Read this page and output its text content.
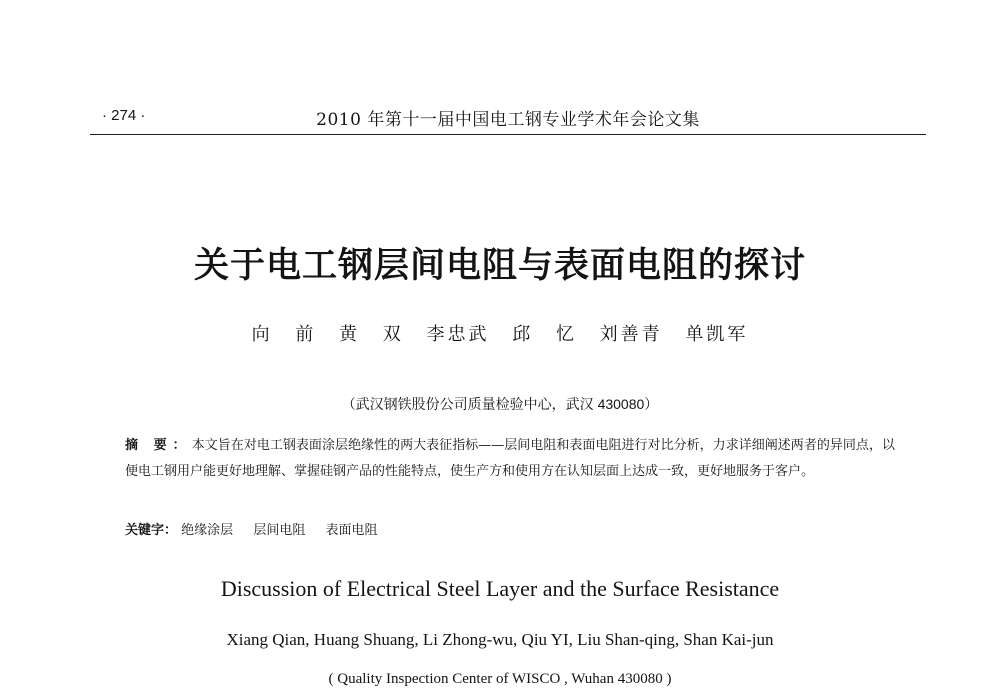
· 274 ·	2010 年第十一届中国电工钢专业学术年会论文集
关于电工钢层间电阻与表面电阻的探讨
向 前 黄 双 李忠武 邱 忆 刘善青 单凯军
（武汉钢铁股份公司质量检验中心，武汉 430080）
摘 要：本文旨在对电工钢表面涂层绝缘性的两大表征指标——层间电阻和表面电阻进行对比分析，力求详细阐述两者的异同点，以便电工钢用户能更好地理解、掌握硅钢产品的性能特点，使生产方和使用方在认知层面上达成一致，更好地服务于客户。
关键字： 绝缘涂层 层间电阻 表面电阻
Discussion of Electrical Steel Layer and the Surface Resistance
Xiang Qian, Huang Shuang, Li Zhong-wu, Qiu YI, Liu Shan-qing, Shan Kai-jun
( Quality Inspection Center of WISCO , Wuhan 430080 )
